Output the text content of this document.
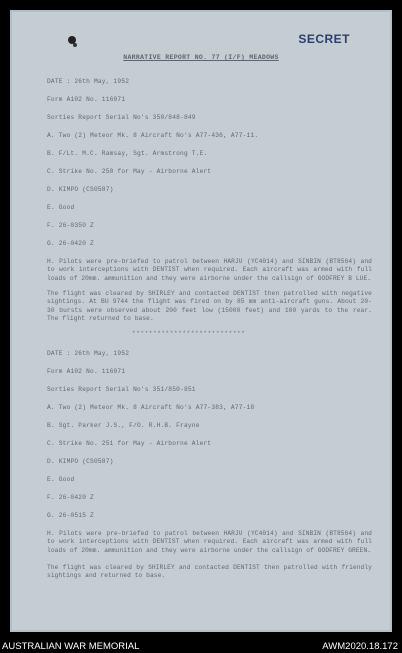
SECRET
NARRATIVE REPORT NO. 77 (I/F) MEADOWS
DATE : 26th May, 1952
Form A102 No. 116071
Sorties Report Serial No's 350/848-849
A. Two (2) Meteor Mk. 8 Aircraft No's A77-436, A77-11.
B. F/Lt. M.C. Ramsay, Sgt. Armstrong T.E.
C. Strike No. 250 for May - Airborne Alert
D. KIMPO (CS0587)
E. Good
F. 26-0350 Z
G. 26-0420 Z
H. Pilots were pre-briefed to patrol between HARJU (YC4014) and SINBIN (BT8564) and to work interceptions with DENTIST when required. Each aircraft was armed with full loads of 20mm. ammunition and they were airborne under the callsign of GODFREY B LUE.
The flight was cleared by SHIRLEY and contacted DENTIST then patrolled with negative sightings. At BU 9744 the flight was fired on by 85 mm anti-aircraft guns. About 20-30 bursts were observed about 200 feet low (15000 feet) and 100 yards to the rear. The flight returned to base.
***************************
DATE : 26th May, 1952
Form A102 No. 116071
Sorties Report Serial No's 351/850-851
A. Two (2) Meteor Mk. 8 Aircraft No's A77-383, A77-18
B. Sgt. Parker J.S., F/O. R.H.B. Frayne
C. Strike No. 251 for May - Airborne Alert
D. KIMPO (CS0587)
E. Good
F. 26-0420 Z
G. 26-0515 Z
H. Pilots were pre-briefed to patrol between HARJU (YC4014) and SINBIN (BT8564) and to work interceptions with DENTIST when required. Each aircraft was armed with full loads of 20mm. ammunition and they were airborne under the callsign of GODFREY GREEN.
The flight was cleared by SHIRLEY and contacted DENTIST then patrolled with friendly sightings and returned to base.
AUSTRALIAN WAR MEMORIAL	AWM2020.18.172
